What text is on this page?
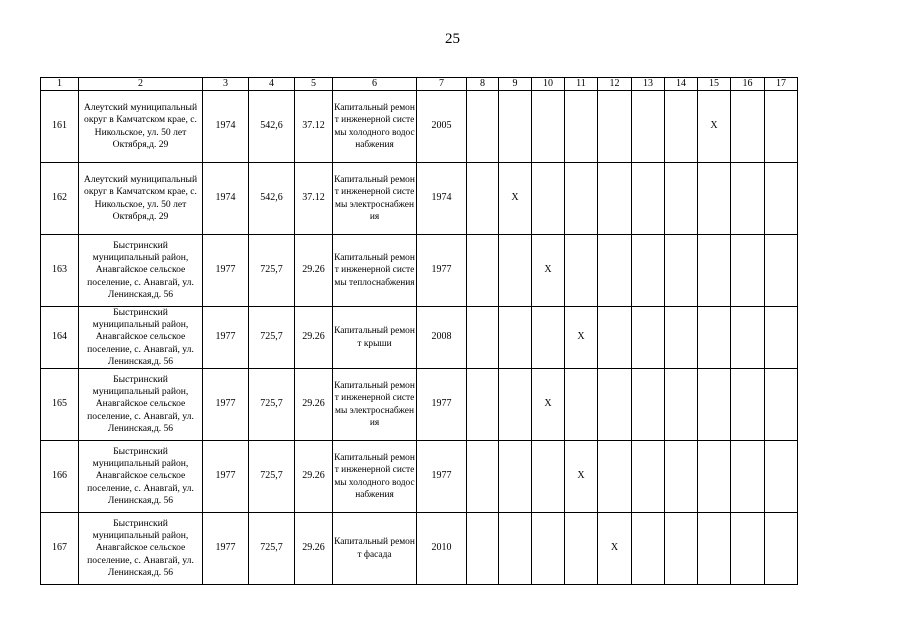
25
1	2	3	4	5	6	7	8	9	10	11	12	13	14	15	16	17
161	Алеутский муниципальный округ в Камчатском крае, с. Никольское, ул. 50 лет Октября,д. 29	1974	542,6	37.12	Капитальный ремонт инженерной системы холодного водоснабжения	2005								X		
162	Алеутский муниципальный округ в Камчатском крае, с. Никольское, ул. 50 лет Октября,д. 29	1974	542,6	37.12	Капитальный ремонт инженерной системы электроснабжения	1974		X								
163	Быстринский муниципальный район, Анавгайское сельское поселение, с. Анавгай, ул. Ленинская,д. 56	1977	725,7	29.26	Капитальный ремонт инженерной системы теплоснабжения	1977			X							
164	Быстринский муниципальный район, Анавгайское сельское поселение, с. Анавгай, ул. Ленинская,д. 56	1977	725,7	29.26	Капитальный ремонт крыши	2008				X						
165	Быстринский муниципальный район, Анавгайское сельское поселение, с. Анавгай, ул. Ленинская,д. 56	1977	725,7	29.26	Капитальный ремонт инженерной системы электроснабжения	1977			X							
166	Быстринский муниципальный район, Анавгайское сельское поселение, с. Анавгай, ул. Ленинская,д. 56	1977	725,7	29.26	Капитальный ремонт инженерной системы холодного водоснабжения	1977				X						
167	Быстринский муниципальный район, Анавгайское сельское поселение, с. Анавгай, ул. Ленинская,д. 56	1977	725,7	29.26	Капитальный ремонт фасада	2010					X					
